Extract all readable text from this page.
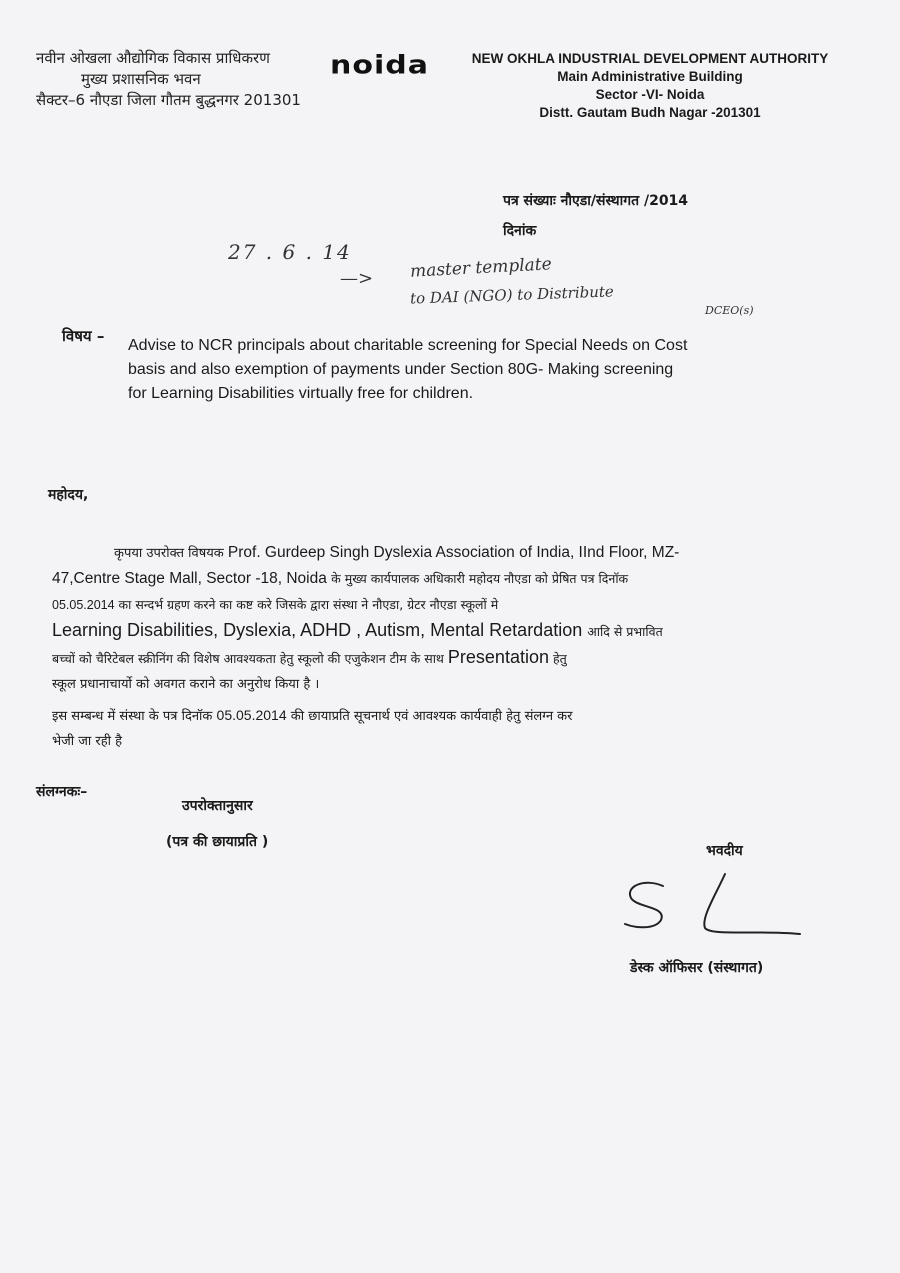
नवीन ओखला औद्योगिक विकास प्राधिकरण
मुख्य प्रशासनिक भवन
सैक्टर–6 नौएडा जिला गौतम बुद्धनगर 201301
noida	NEW OKHLA INDUSTRIAL DEVELOPMENT AUTHORITY
Main Administrative Building
Sector -VI- Noida
Distt. Gautam Budh Nagar -201301
पत्र संख्याः नौएडा/संस्थागत /2014
दिनांक
27 . 6 . 14
—> master template
to DAI (NGO) to Distribute
DCEO(s)
विषय –
Advise to NCR principals about charitable screening for Special Needs on Cost
basis and also exemption of payments under Section 80G- Making screening
for Learning Disabilities virtually free for children.
महोदय,
कृपया उपरोक्त विषयक Prof. Gurdeep Singh Dyslexia Association of India, IInd Floor, MZ-
47,Centre Stage Mall, Sector -18, Noida के मुख्य कार्यपालक अधिकारी महोदय नौएडा को प्रेषित पत्र दिनॉक
05.05.2014 का सन्दर्भ ग्रहण करने का कष्ट करे जिसके द्वारा संस्था ने नौएडा, ग्रेटर नौएडा स्कूलों मे
Learning Disabilities, Dyslexia, ADHD , Autism, Mental Retardation आदि से प्रभावित
बच्चों को चैरिटेबल स्क्रीनिंग की विशेष आवश्यकता हेतु स्कूलो की एजुकेशन टीम के साथ Presentation हेतु
स्कूल प्रधानाचार्यो को अवगत कराने का अनुरोध किया है ।
इस सम्बन्ध में संस्था के पत्र दिनॉक 05.05.2014 की छायाप्रति सूचनार्थ एवं आवश्यक कार्यवाही हेतु संलग्न कर
भेजी जा रही है
संलग्नकः–
उपरोक्तानुसार
(पत्र की छायाप्रति )
भवदीय
डेस्क ऑफिसर (संस्थागत)
